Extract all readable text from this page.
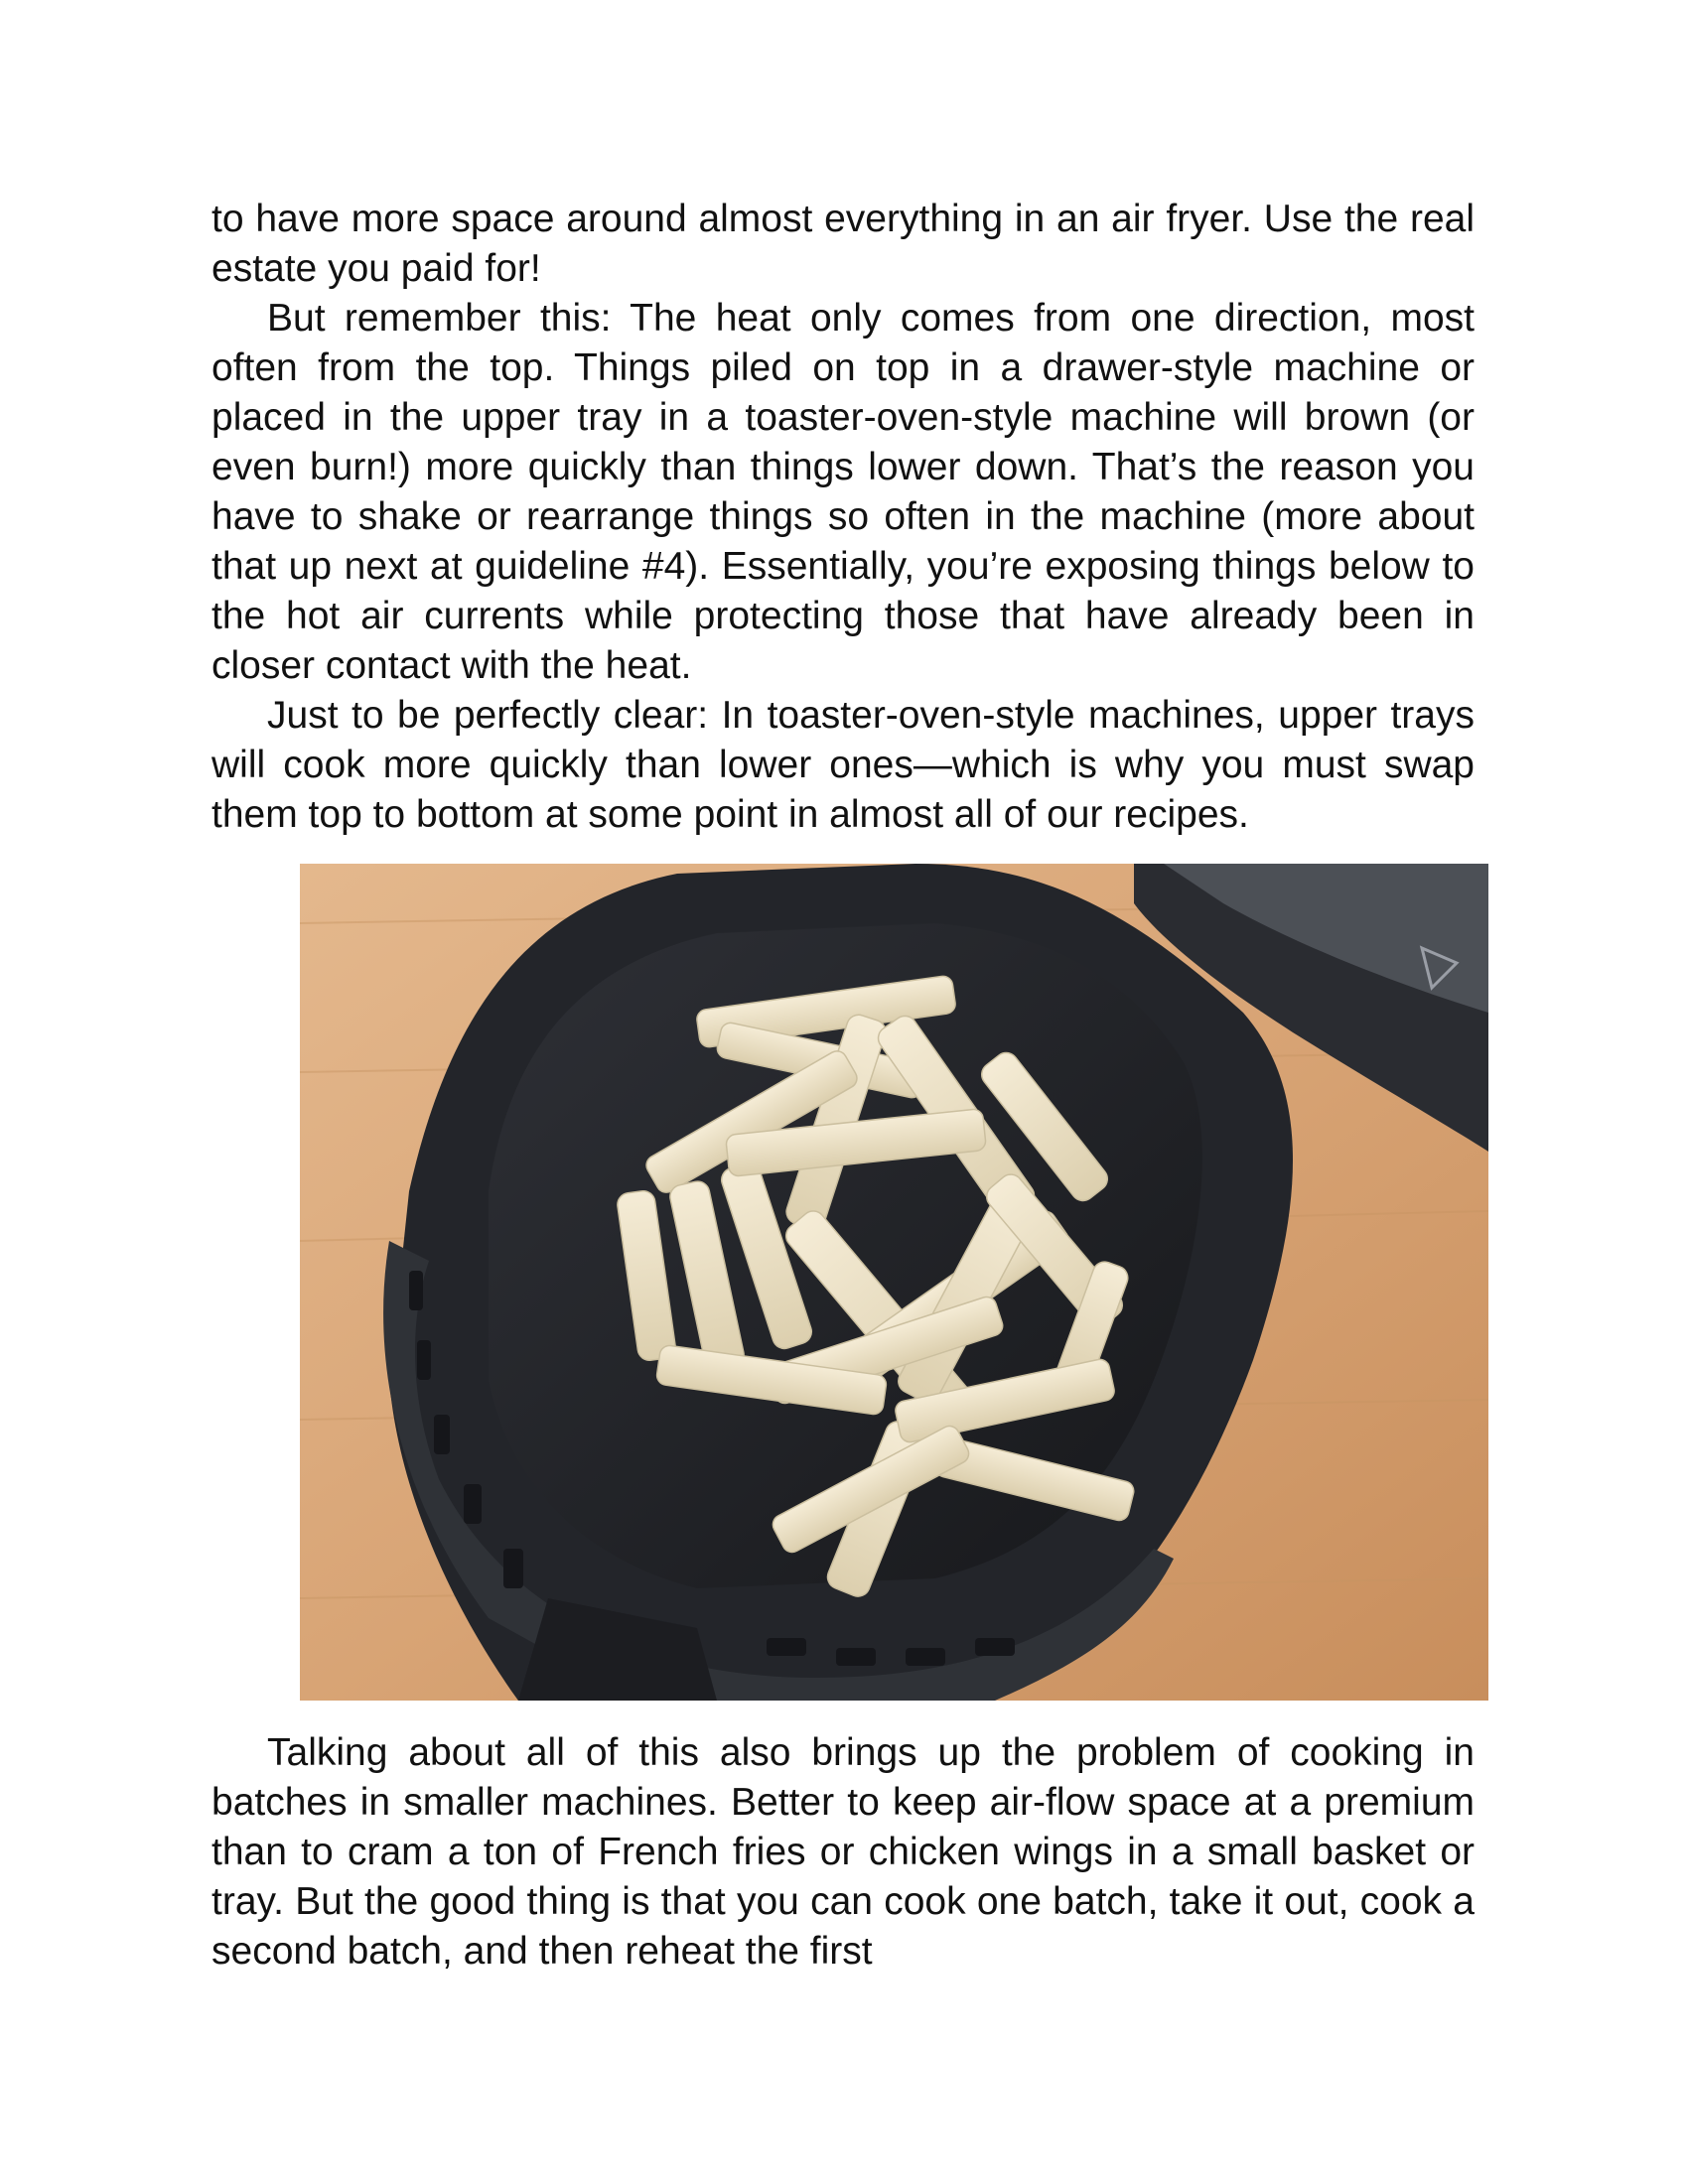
to have more space around almost everything in an air fryer. Use the real estate you paid for!

But remember this: The heat only comes from one direction, most often from the top. Things piled on top in a drawer-style machine or placed in the upper tray in a toaster-oven-style machine will brown (or even burn!) more quickly than things lower down. That’s the reason you have to shake or rearrange things so often in the machine (more about that up next at guideline #4). Essentially, you’re exposing things below to the hot air currents while protecting those that have already been in closer contact with the heat.

Just to be perfectly clear: In toaster-oven-style machines, upper trays will cook more quickly than lower ones—which is why you must swap them top to bottom at some point in almost all of our recipes.

Talking about all of this also brings up the problem of cooking in batches in smaller machines. Better to keep air-flow space at a premium than to cram a ton of French fries or chicken wings in a small basket or tray. But the good thing is that you can cook one batch, take it out, cook a second batch, and then reheat the first
